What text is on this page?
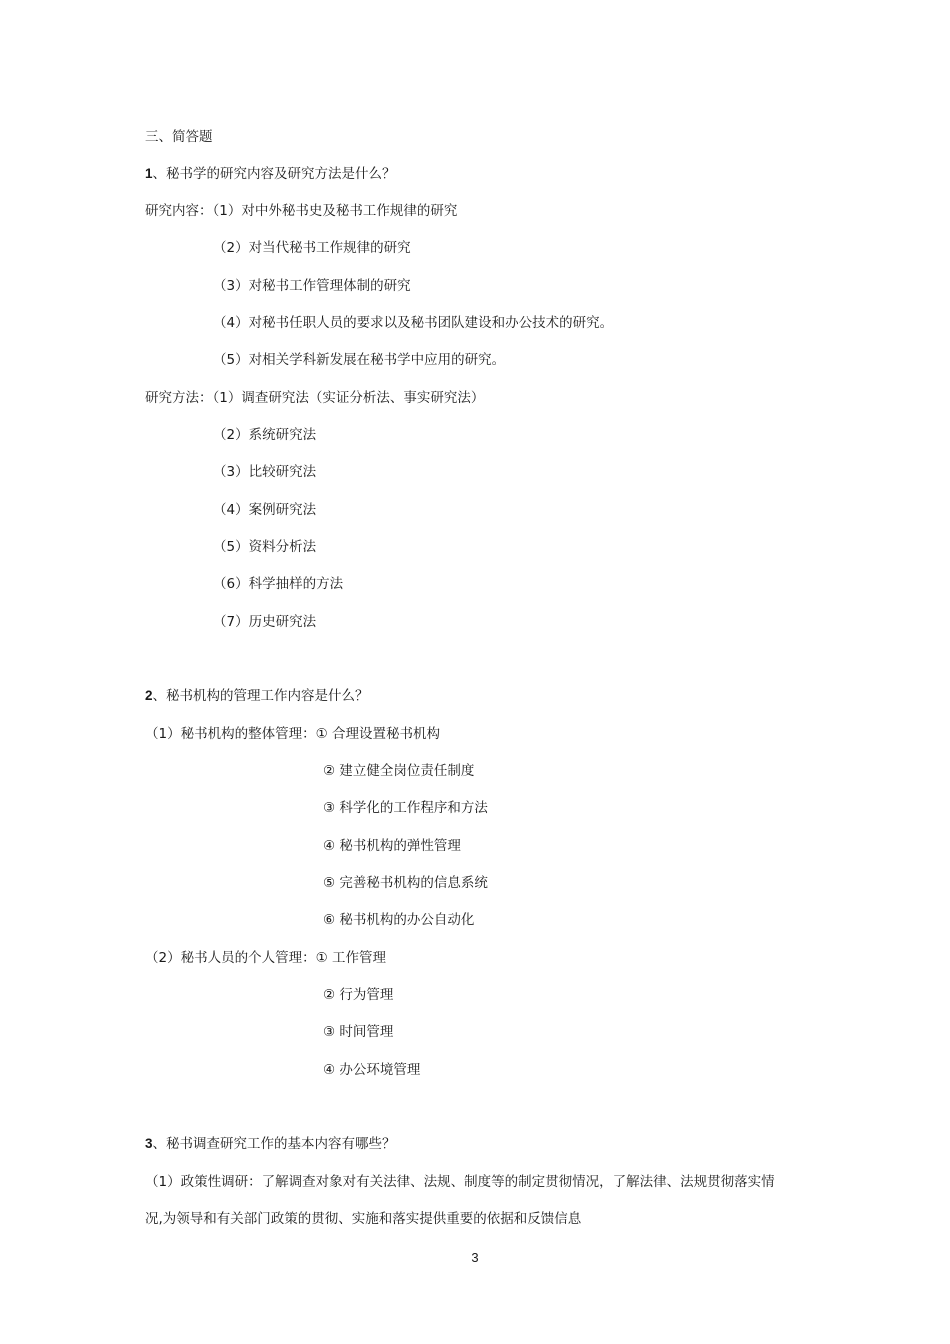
三、简答题
1、秘书学的研究内容及研究方法是什么？
研究内容：（1）对中外秘书史及秘书工作规律的研究
（2）对当代秘书工作规律的研究
（3）对秘书工作管理体制的研究
（4）对秘书任职人员的要求以及秘书团队建设和办公技术的研究。
（5）对相关学科新发展在秘书学中应用的研究。
研究方法：（1）调查研究法（实证分析法、事实研究法）
（2）系统研究法
（3）比较研究法
（4）案例研究法
（5）资料分析法
（6）科学抽样的方法
（7）历史研究法
2、秘书机构的管理工作内容是什么？
（1）秘书机构的整体管理：① 合理设置秘书机构
② 建立健全岗位责任制度
③ 科学化的工作程序和方法
④ 秘书机构的弹性管理
⑤ 完善秘书机构的信息系统
⑥ 秘书机构的办公自动化
（2）秘书人员的个人管理：① 工作管理
② 行为管理
③ 时间管理
④ 办公环境管理
3、秘书调查研究工作的基本内容有哪些？
（1）政策性调研：了解调查对象对有关法律、法规、制度等的制定贯彻情况，了解法律、法规贯彻落实情
况,为领导和有关部门政策的贯彻、实施和落实提供重要的依据和反馈信息
3
